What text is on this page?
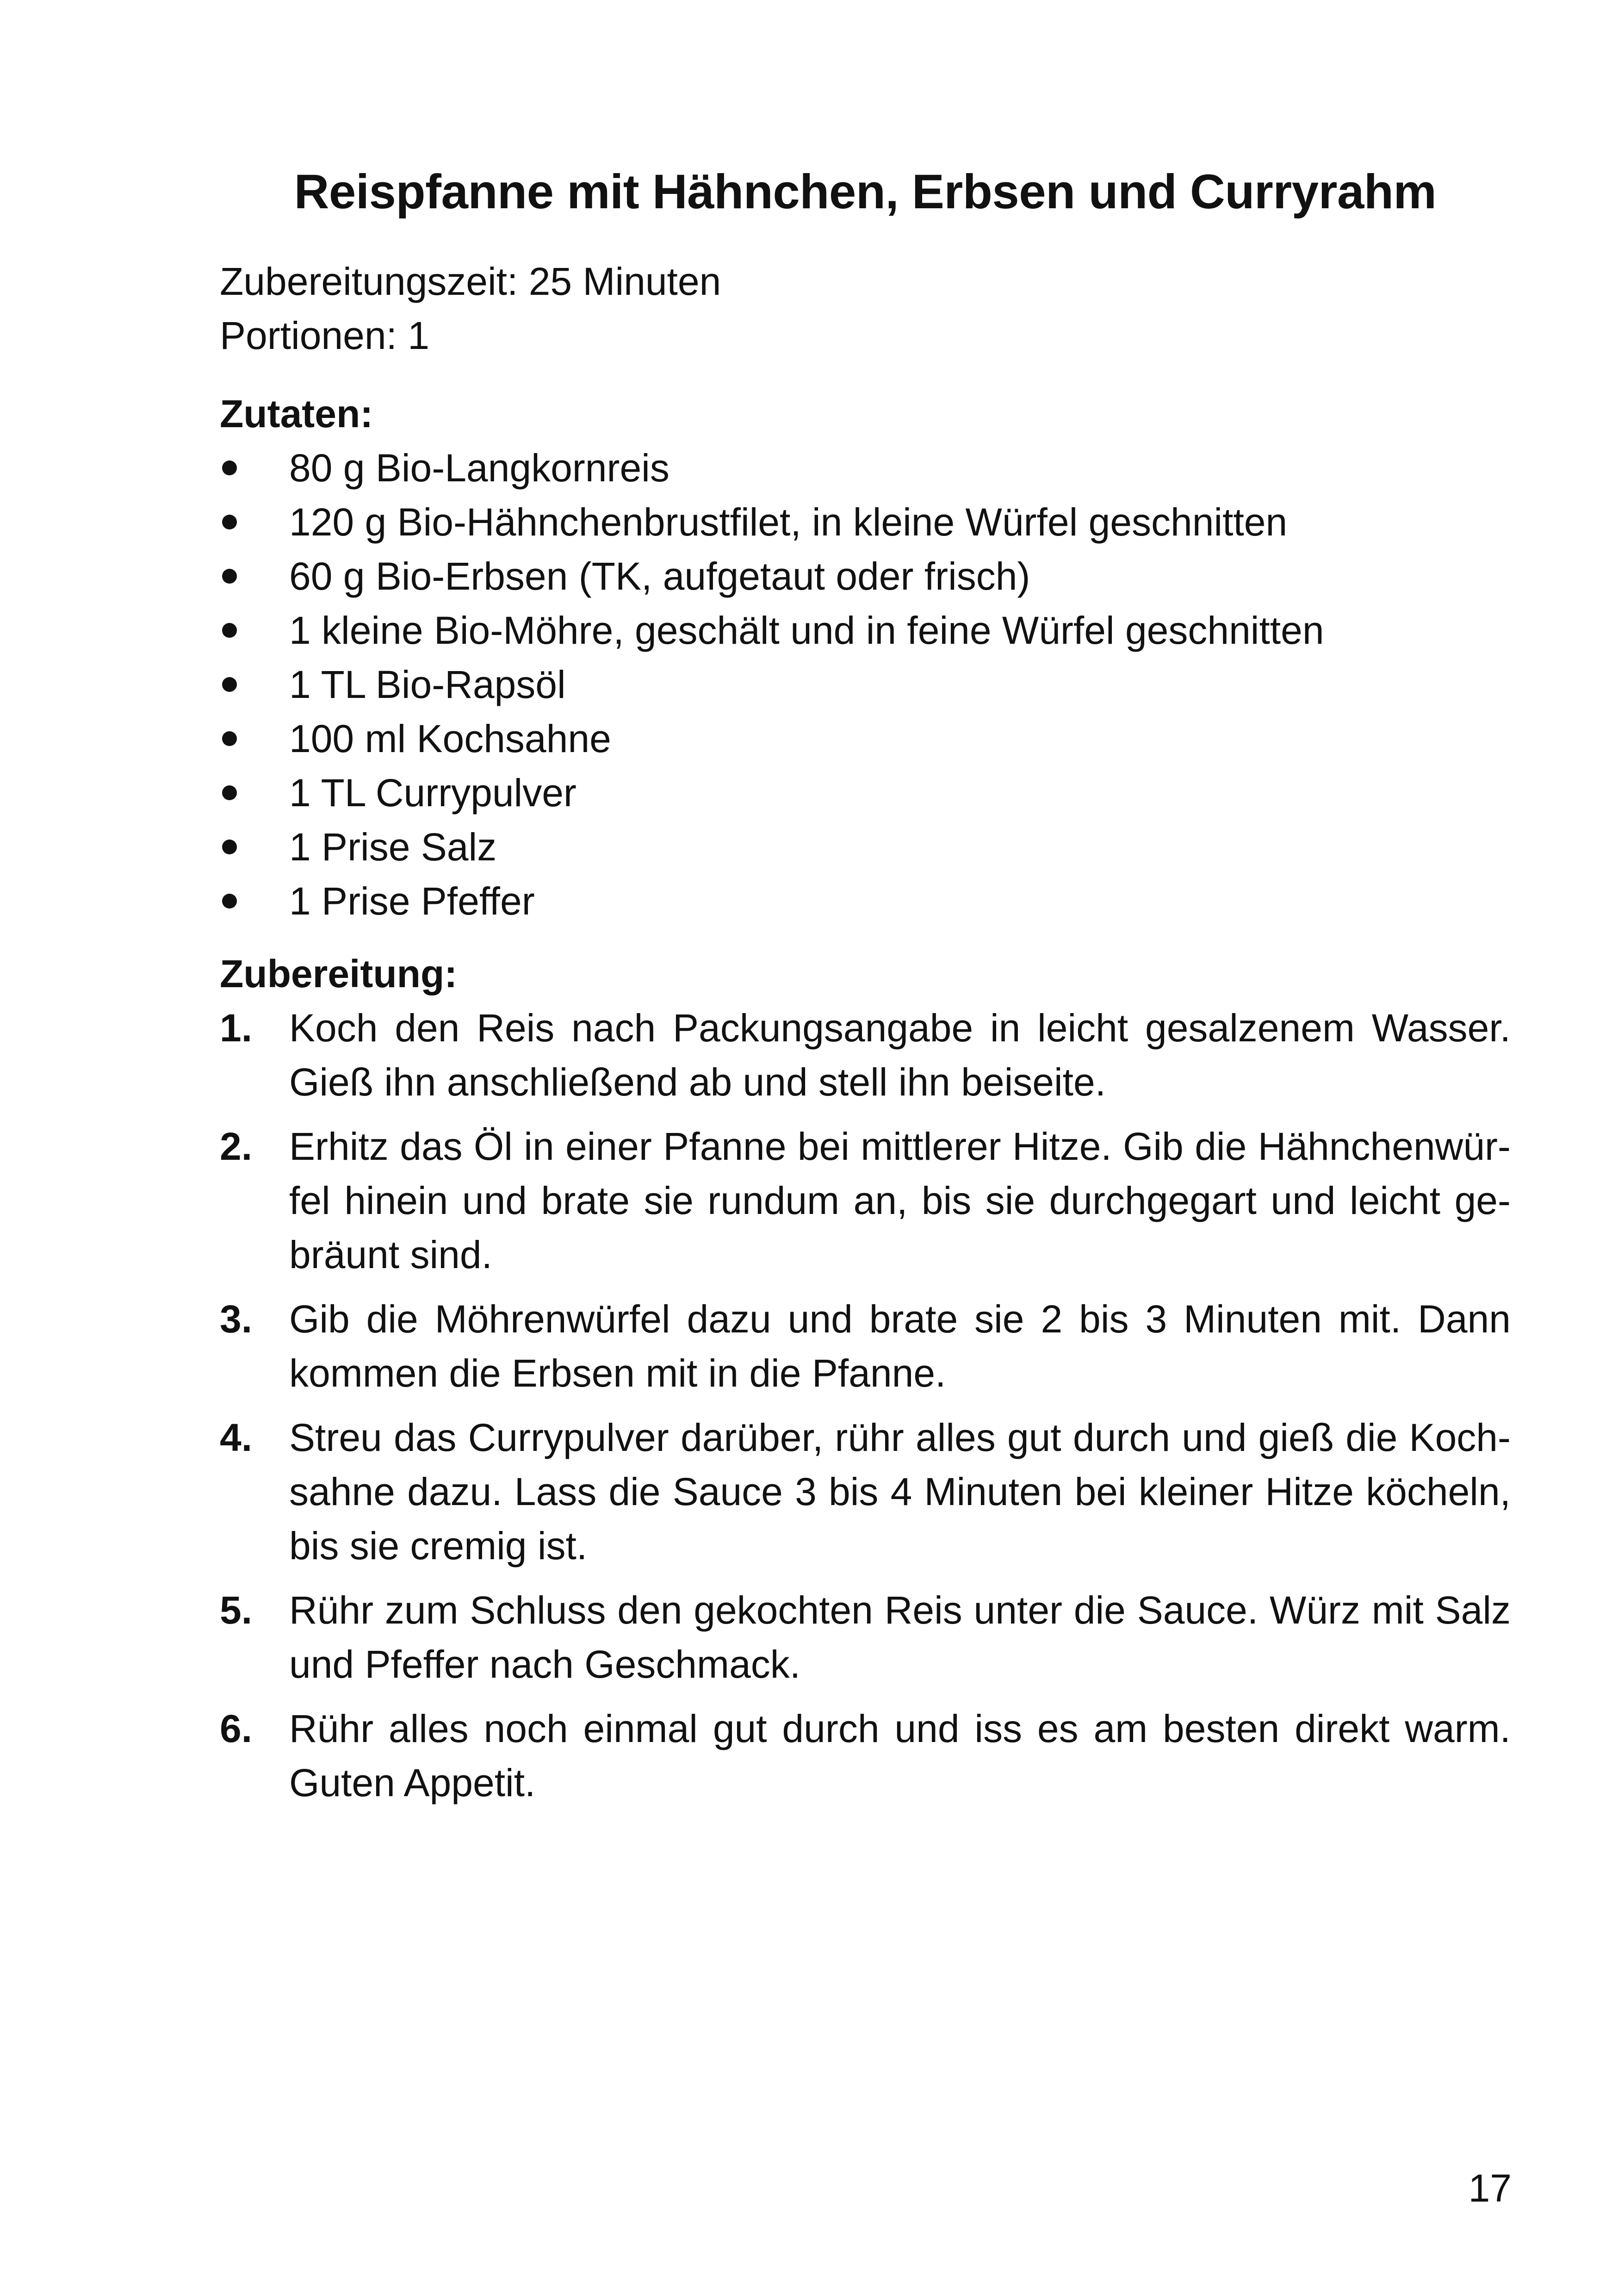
Reispfanne mit Hähnchen, Erbsen und Curryrahm
Zubereitungszeit: 25 Minuten
Portionen: 1
Zutaten:
80 g Bio-Langkornreis
120 g Bio-Hähnchenbrustfilet, in kleine Würfel geschnitten
60 g Bio-Erbsen (TK, aufgetaut oder frisch)
1 kleine Bio-Möhre, geschält und in feine Würfel geschnitten
1 TL Bio-Rapsöl
100 ml Kochsahne
1 TL Currypulver
1 Prise Salz
1 Prise Pfeffer
Zubereitung:
1. Koch den Reis nach Packungsangabe in leicht gesalzenem Wasser. Gieß ihn anschließend ab und stell ihn beiseite.
2. Erhitz das Öl in einer Pfanne bei mittlerer Hitze. Gib die Hähnchenwürfel hinein und brate sie rundum an, bis sie durchgegart und leicht gebräunt sind.
3. Gib die Möhrenwürfel dazu und brate sie 2 bis 3 Minuten mit. Dann kommen die Erbsen mit in die Pfanne.
4. Streu das Currypulver darüber, rühr alles gut durch und gieß die Kochsahne dazu. Lass die Sauce 3 bis 4 Minuten bei kleiner Hitze köcheln, bis sie cremig ist.
5. Rühr zum Schluss den gekochten Reis unter die Sauce. Würz mit Salz und Pfeffer nach Geschmack.
6. Rühr alles noch einmal gut durch und iss es am besten direkt warm. Guten Appetit.
17
